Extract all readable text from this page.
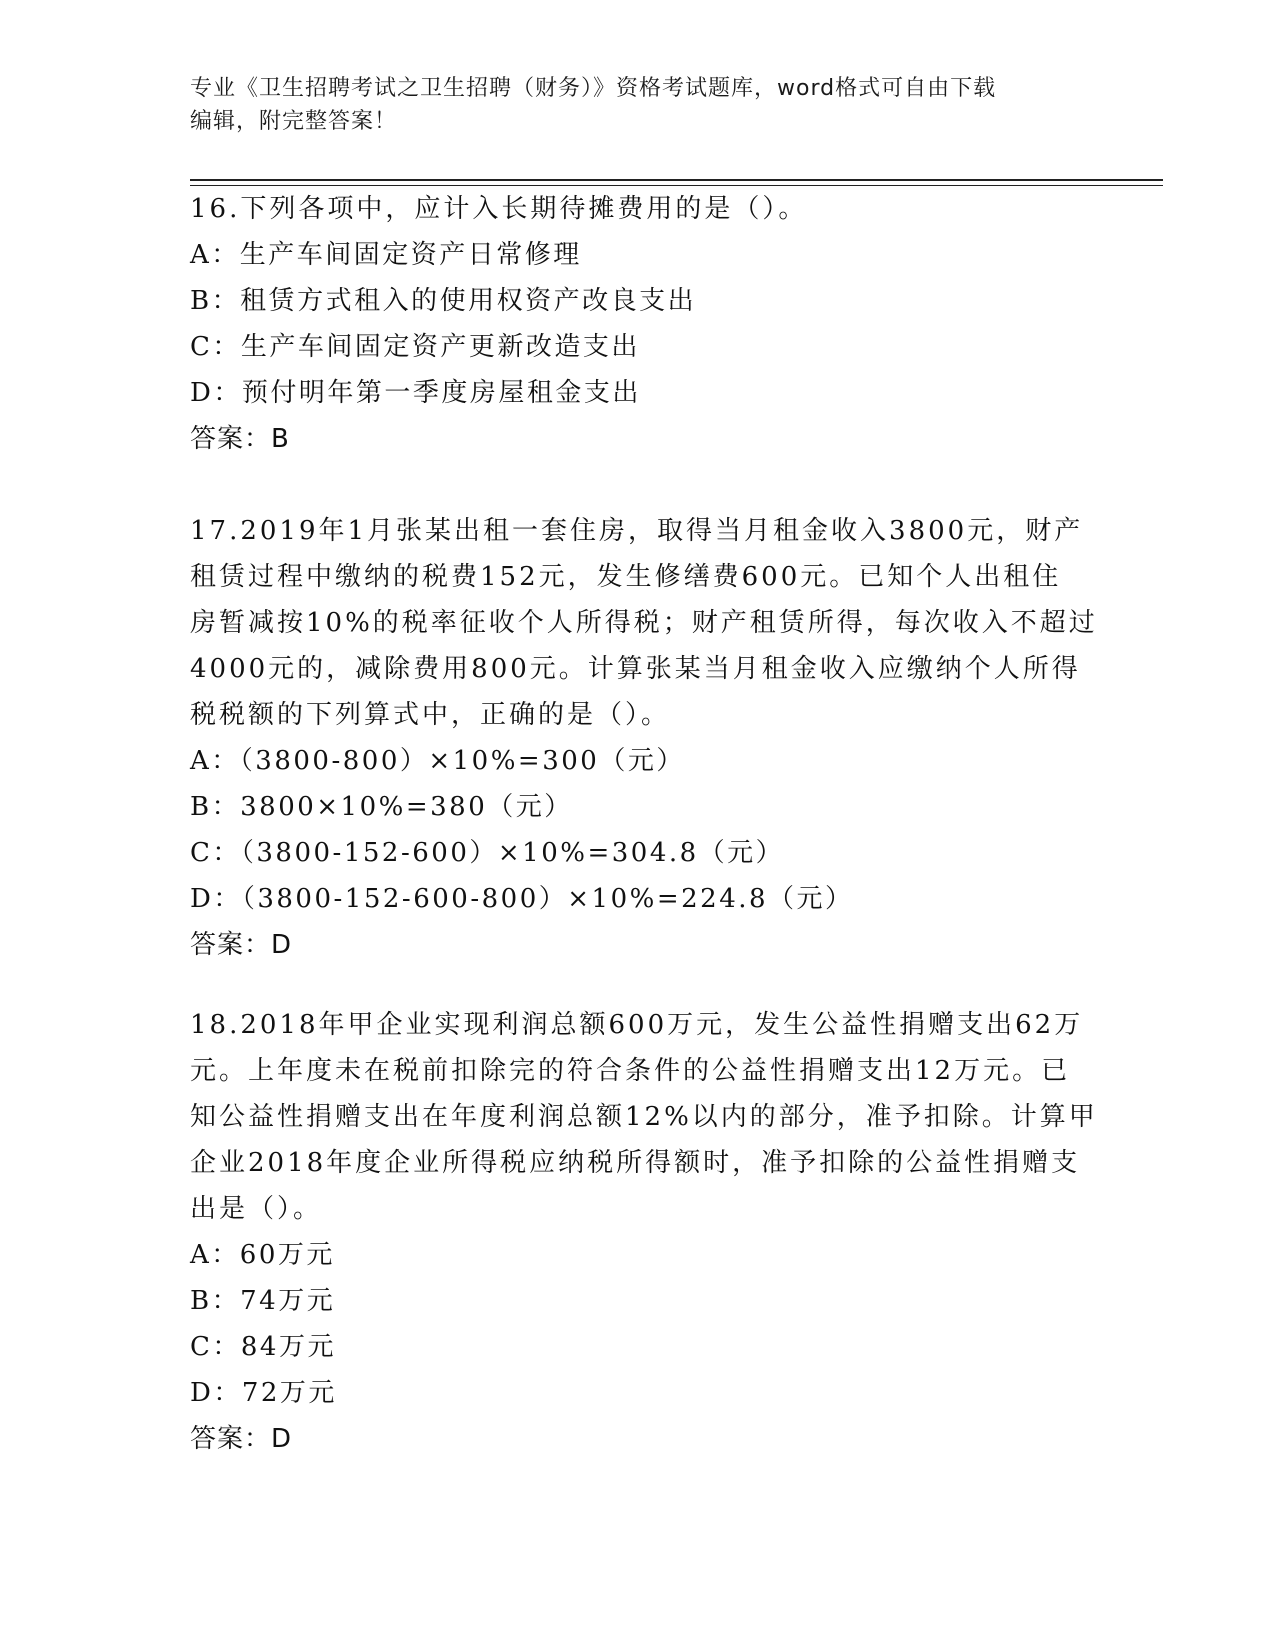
专业《卫生招聘考试之卫生招聘（财务）》资格考试题库，word格式可自由下载
编辑，附完整答案！
16.下列各项中，应计入长期待摊费用的是（）。
A：生产车间固定资产日常修理
B：租赁方式租入的使用权资产改良支出
C：生产车间固定资产更新改造支出
D：预付明年第一季度房屋租金支出
答案：B
17.2019年1月张某出租一套住房，取得当月租金收入3800元，财产
租赁过程中缴纳的税费152元，发生修缮费600元。已知个人出租住
房暂减按10%的税率征收个人所得税；财产租赁所得，每次收入不超过
4000元的，减除费用800元。计算张某当月租金收入应缴纳个人所得
税税额的下列算式中，正确的是（）。
A：（3800-800）×10%=300（元）
B：3800×10%=380（元）
C：（3800-152-600）×10%=304.8（元）
D：（3800-152-600-800）×10%=224.8（元）
答案：D
18.2018年甲企业实现利润总额600万元，发生公益性捐赠支出62万
元。上年度未在税前扣除完的符合条件的公益性捐赠支出12万元。已
知公益性捐赠支出在年度利润总额12%以内的部分，准予扣除。计算甲
企业2018年度企业所得税应纳税所得额时，准予扣除的公益性捐赠支
出是（）。
A：60万元
B：74万元
C：84万元
D：72万元
答案：D
